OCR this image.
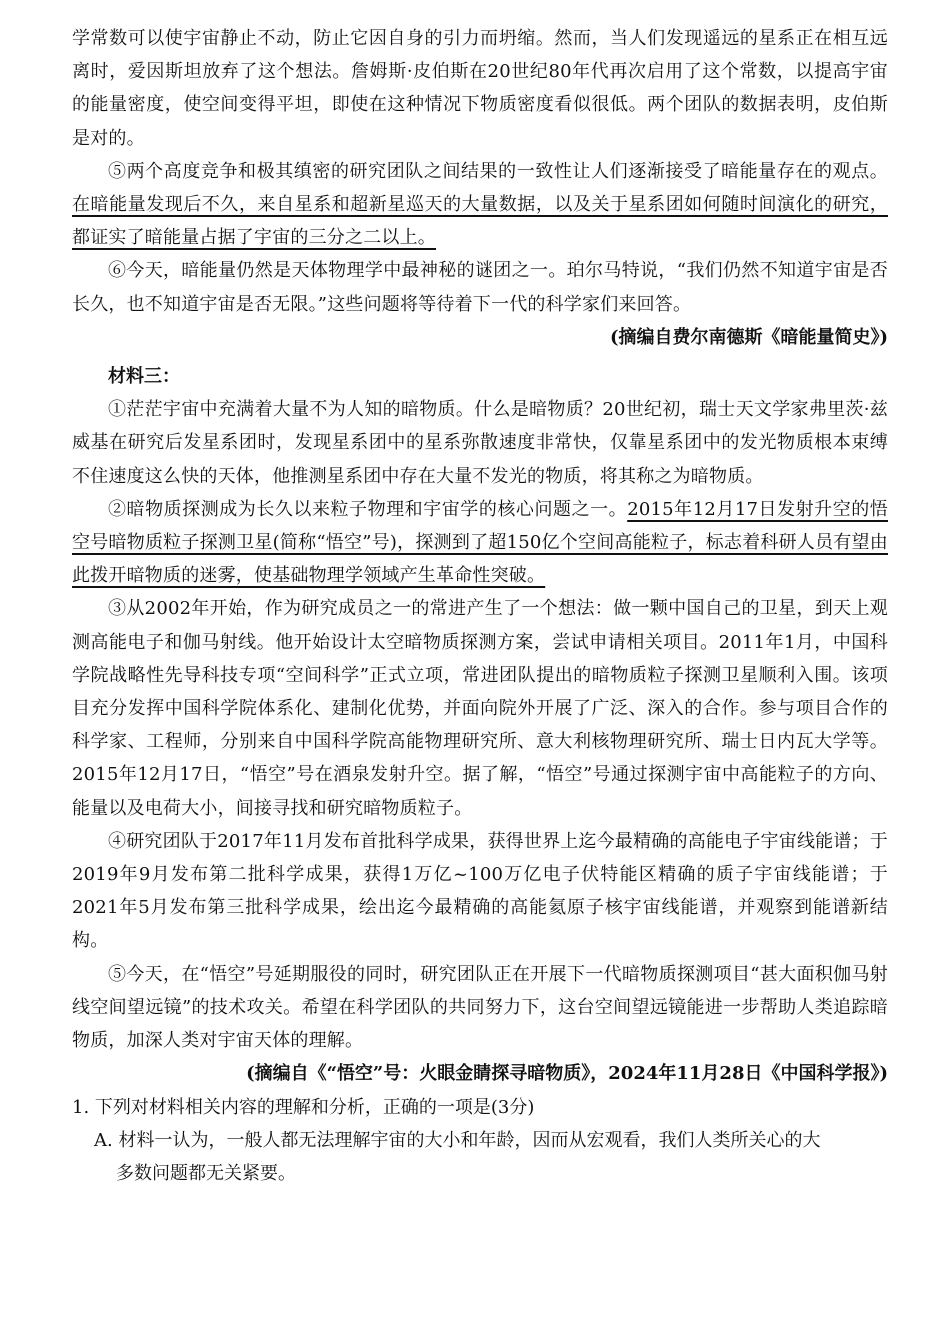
学常数可以使宇宙静止不动，防止它因自身的引力而坍缩。然而，当人们发现遥远的星系正在相互远离时，爱因斯坦放弃了这个想法。詹姆斯·皮伯斯在20世纪80年代再次启用了这个常数，以提高宇宙的能量密度，使空间变得平坦，即使在这种情况下物质密度看似很低。两个团队的数据表明，皮伯斯是对的。

⑤两个高度竞争和极其缜密的研究团队之间结果的一致性让人们逐渐接受了暗能量存在的观点。在暗能量发现后不久，来自星系和超新星巡天的大量数据，以及关于星系团如何随时间演化的研究，都证实了暗能量占据了宇宙的三分之二以上。

⑥今天，暗能量仍然是天体物理学中最神秘的谜团之一。珀尔马特说，“我们仍然不知道宇宙是否长久，也不知道宇宙是否无限。”这些问题将等待着下一代的科学家们来回答。

(摘编自费尔南德斯《暗能量简史》)

材料三：

①茫茫宇宙中充满着大量不为人知的暗物质。什么是暗物质？20世纪初，瑞士天文学家弗里茨·兹威基在研究后发星系团时，发现星系团中的星系弥散速度非常快，仅靠星系团中的发光物质根本束缚不住速度这么快的天体，他推测星系团中存在大量不发光的物质，将其称之为暗物质。

②暗物质探测成为长久以来粒子物理和宇宙学的核心问题之一。2015年12月17日发射升空的悟空号暗物质粒子探测卫星(简称“悟空”号)，探测到了超150亿个空间高能粒子，标志着科研人员有望由此拨开暗物质的迷雾，使基础物理学领域产生革命性突破。

③从2002年开始，作为研究成员之一的常进产生了一个想法：做一颗中国自己的卫星，到天上观测高能电子和伽马射线。他开始设计太空暗物质探测方案，尝试申请相关项目。2011年1月，中国科学院战略性先导科技专项“空间科学”正式立项，常进团队提出的暗物质粒子探测卫星顺利入围。该项目充分发挥中国科学院体系化、建制化优势，并面向院外开展了广泛、深入的合作。参与项目合作的科学家、工程师，分别来自中国科学院高能物理研究所、意大利核物理研究所、瑞士日内瓦大学等。2015年12月17日，“悟空”号在酒泉发射升空。据了解，“悟空”号通过探测宇宙中高能粒子的方向、能量以及电荷大小，间接寻找和研究暗物质粒子。

④研究团队于2017年11月发布首批科学成果，获得世界上迄今最精确的高能电子宇宙线能谱；于2019年9月发布第二批科学成果，获得1万亿~100万亿电子伏特能区精确的质子宇宙线能谱；于2021年5月发布第三批科学成果，绘出迄今最精确的高能氦原子核宇宙线能谱，并观察到能谱新结构。

⑤今天，在“悟空”号延期服役的同时，研究团队正在开展下一代暗物质探测项目“甚大面积伽马射线空间望远镜”的技术攻关。希望在科学团队的共同努力下，这台空间望远镜能进一步帮助人类追踪暗物质，加深人类对宇宙天体的理解。

(摘编自《“悟空”号：火眼金睛探寻暗物质》，2024年11月28日《中国科学报》)

1. 下列对材料相关内容的理解和分析，正确的一项是(3分)

A. 材料一认为，一般人都无法理解宇宙的大小和年龄，因而从宏观看，我们人类所关心的大
多数问题都无关紧要。
